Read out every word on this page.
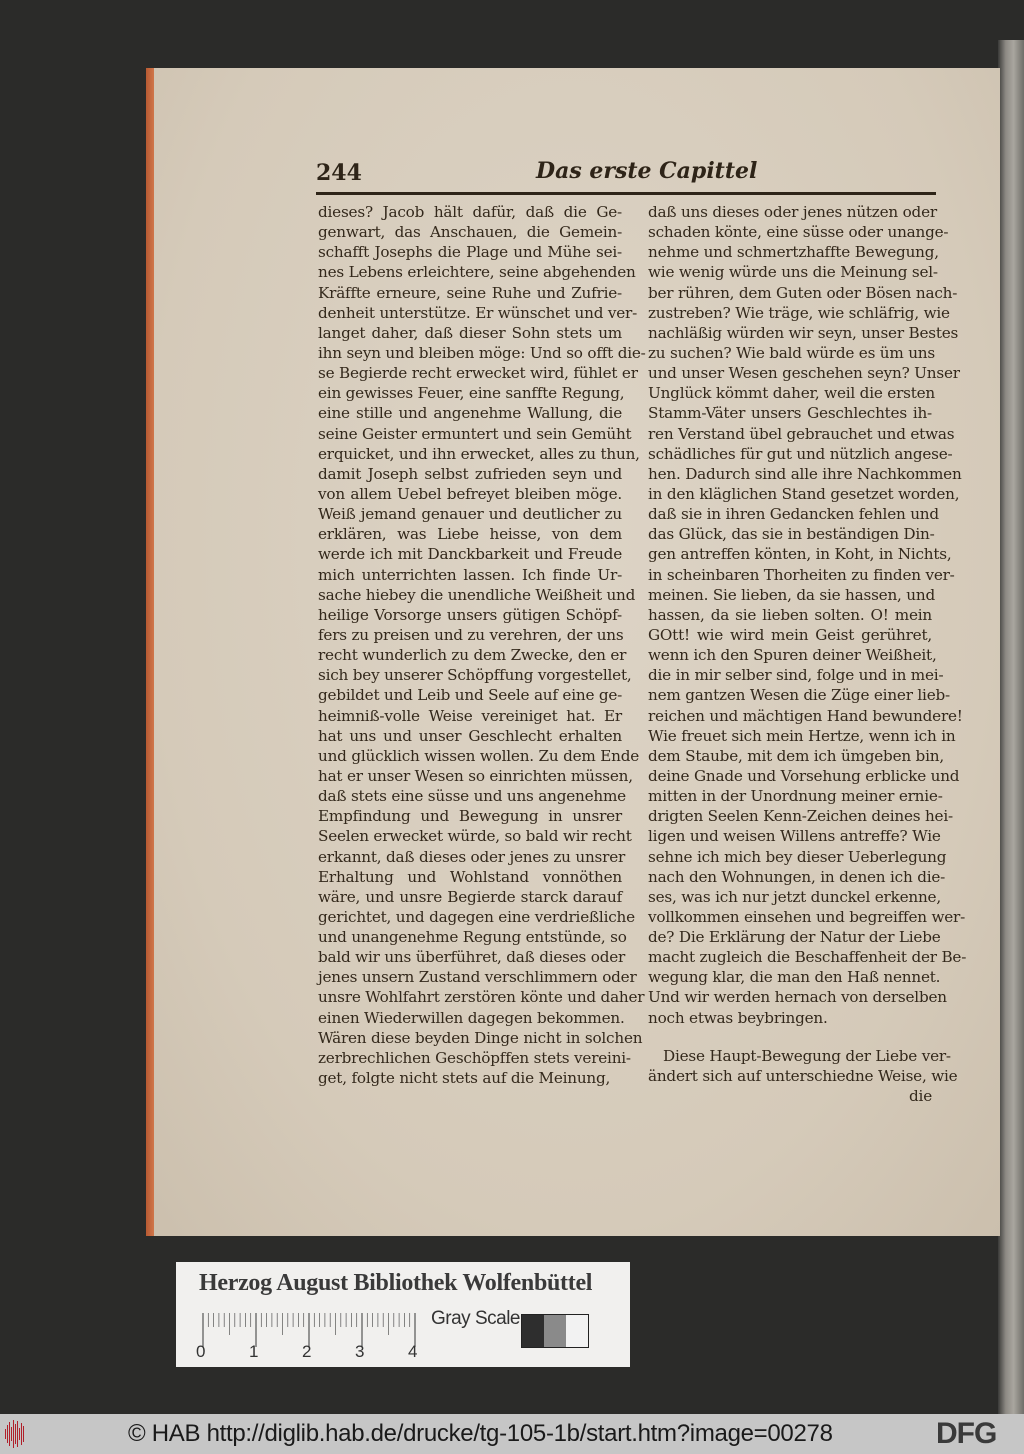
244	Das erste Capittel
dieses? Jacob hält dafür, daß die Ge-
genwart, das Anschauen, die Gemein-
schafft Josephs die Plage und Mühe sei-
nes Lebens erleichtere, seine abgehenden
Kräffte erneure, seine Ruhe und Zufrie-
denheit unterstütze. Er wünschet und ver-
langet daher, daß dieser Sohn stets um
ihn seyn und bleiben möge: Und so offt die-
se Begierde recht erwecket wird, fühlet er
ein gewisses Feuer, eine sanffte Regung,
eine stille und angenehme Wallung, die
seine Geister ermuntert und sein Gemüht
erquicket, und ihn erwecket, alles zu thun,
damit Joseph selbst zufrieden seyn und
von allem Uebel befreyet bleiben möge.
Weiß jemand genauer und deutlicher zu
erklären, was Liebe heisse, von dem
werde ich mit Danckbarkeit und Freude
mich unterrichten lassen. Ich finde Ur-
sache hiebey die unendliche Weißheit und
heilige Vorsorge unsers gütigen Schöpf-
fers zu preisen und zu verehren, der uns
recht wunderlich zu dem Zwecke, den er
sich bey unserer Schöpffung vorgestellet,
gebildet und Leib und Seele auf eine ge-
heimniß-volle Weise vereiniget hat. Er
hat uns und unser Geschlecht erhalten
und glücklich wissen wollen. Zu dem Ende
hat er unser Wesen so einrichten müssen,
daß stets eine süsse und uns angenehme
Empfindung und Bewegung in unsrer
Seelen erwecket würde, so bald wir recht
erkannt, daß dieses oder jenes zu unsrer
Erhaltung und Wohlstand vonnöthen
wäre, und unsre Begierde starck darauf
gerichtet, und dagegen eine verdrießliche
und unangenehme Regung entstünde, so
bald wir uns überführet, daß dieses oder
jenes unsern Zustand verschlimmern oder
unsre Wohlfahrt zerstören könte und daher
einen Wiederwillen dagegen bekommen.
Wären diese beyden Dinge nicht in solchen
zerbrechlichen Geschöpffen stets vereini-
get, folgte nicht stets auf die Meinung,
daß uns dieses oder jenes nützen oder
schaden könte, eine süsse oder unange-
nehme und schmertzhaffte Bewegung,
wie wenig würde uns die Meinung sel-
ber rühren, dem Guten oder Bösen nach-
zustreben? Wie träge, wie schläfrig, wie
nachläßig würden wir seyn, unser Bestes
zu suchen? Wie bald würde es üm uns
und unser Wesen geschehen seyn? Unser
Unglück kömmt daher, weil die ersten
Stamm-Väter unsers Geschlechtes ih-
ren Verstand übel gebrauchet und etwas
schädliches für gut und nützlich angese-
hen. Dadurch sind alle ihre Nachkommen
in den kläglichen Stand gesetzet worden,
daß sie in ihren Gedancken fehlen und
das Glück, das sie in beständigen Din-
gen antreffen könten, in Koht, in Nichts,
in scheinbaren Thorheiten zu finden ver-
meinen. Sie lieben, da sie hassen, und
hassen, da sie lieben solten. O! mein
GOtt! wie wird mein Geist gerühret,
wenn ich den Spuren deiner Weißheit,
die in mir selber sind, folge und in mei-
nem gantzen Wesen die Züge einer lieb-
reichen und mächtigen Hand bewundere!
Wie freuet sich mein Hertze, wenn ich in
dem Staube, mit dem ich ümgeben bin,
deine Gnade und Vorsehung erblicke und
mitten in der Unordnung meiner ernie-
drigten Seelen Kenn-Zeichen deines hei-
ligen und weisen Willens antreffe? Wie
sehne ich mich bey dieser Ueberlegung
nach den Wohnungen, in denen ich die-
ses, was ich nur jetzt dunckel erkenne,
vollkommen einsehen und begreiffen wer-
de? Die Erklärung der Natur der Liebe
macht zugleich die Beschaffenheit der Be-
wegung klar, die man den Haß nennet.
Und wir werden hernach von derselben
noch etwas beybringen.
 Diese Haupt-Bewegung der Liebe ver-
ändert sich auf unterschiedne Weise, wie
die
Herzog August Bibliothek Wolfenbüttel
0	1	2	3	4
Gray Scale
© HAB http://diglib.hab.de/drucke/tg-105-1b/start.htm?image=00278	DFG
